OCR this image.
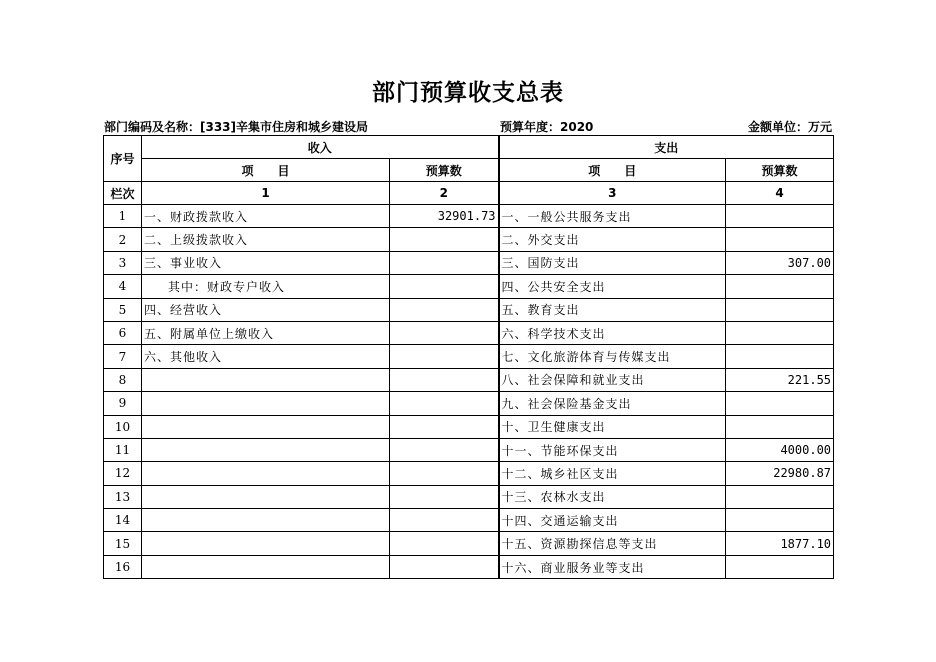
部门预算收支总表
部门编码及名称：[333]辛集市住房和城乡建设局	预算年度：2020	金额单位：万元
序号	收入		支出	
	项　　目	预算数	项　　目	预算数
栏次	1	2	3	4
1	一、财政拨款收入	32901.73	一、一般公共服务支出	
2	二、上级拨款收入		二、外交支出	
3	三、事业收入		三、国防支出	307.00
4	其中：财政专户收入		四、公共安全支出	
5	四、经营收入		五、教育支出	
6	五、附属单位上缴收入		六、科学技术支出	
7	六、其他收入		七、文化旅游体育与传媒支出	
8			八、社会保障和就业支出	221.55
9			九、社会保险基金支出	
10			十、卫生健康支出	
11			十一、节能环保支出	4000.00
12			十二、城乡社区支出	22980.87
13			十三、农林水支出	
14			十四、交通运输支出	
15			十五、资源勘探信息等支出	1877.10
16			十六、商业服务业等支出	
